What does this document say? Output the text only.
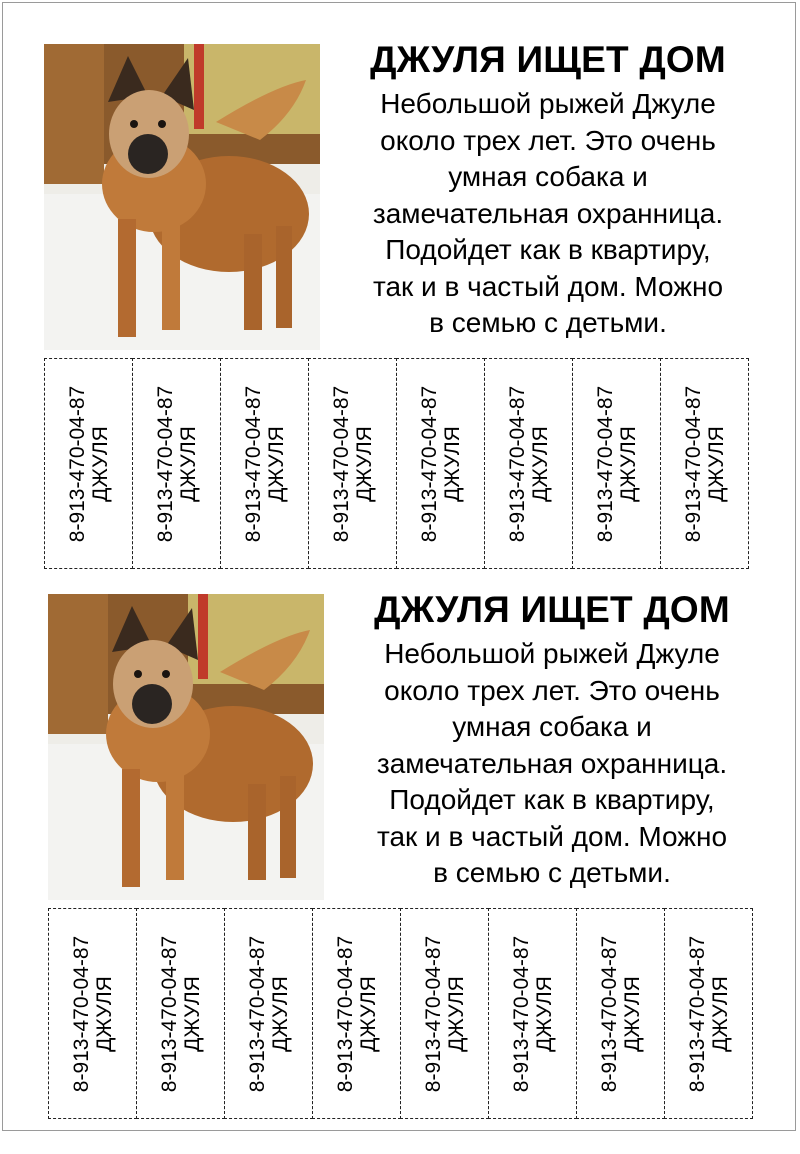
ДЖУЛЯ ИЩЕТ ДОМ
Небольшой рыжей Джуле
около трех лет. Это очень
умная собака и
замечательная охранница.
Подойдет как в квартиру,
так и в частый дом. Можно
в семью с детьми.
8-913-470-04-87 ДЖУЛЯ 8-913-470-04-87 ДЖУЛЯ 8-913-470-04-87 ДЖУЛЯ 8-913-470-04-87 ДЖУЛЯ 8-913-470-04-87 ДЖУЛЯ 8-913-470-04-87 ДЖУЛЯ 8-913-470-04-87 ДЖУЛЯ 8-913-470-04-87 ДЖУЛЯ
ДЖУЛЯ ИЩЕТ ДОМ
Небольшой рыжей Джуле
около трех лет. Это очень
умная собака и
замечательная охранница.
Подойдет как в квартиру,
так и в частый дом. Можно
в семью с детьми.
8-913-470-04-87 ДЖУЛЯ 8-913-470-04-87 ДЖУЛЯ 8-913-470-04-87 ДЖУЛЯ 8-913-470-04-87 ДЖУЛЯ 8-913-470-04-87 ДЖУЛЯ 8-913-470-04-87 ДЖУЛЯ 8-913-470-04-87 ДЖУЛЯ 8-913-470-04-87 ДЖУЛЯ
